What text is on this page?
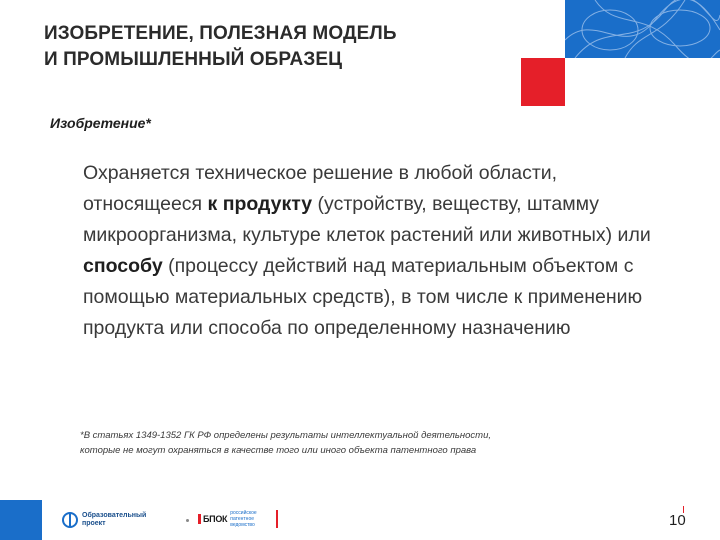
ИЗОБРЕТЕНИЕ, ПОЛЕЗНАЯ МОДЕЛЬ
И ПРОМЫШЛЕННЫЙ ОБРАЗЕЦ
Изобретение*
Охраняется техническое решение в любой области, относящееся к продукту (устройству, веществу, штамму микроорганизма, культуре клеток растений или животных) или способу (процессу действий над материальным объектом с помощью материальных средств), в том числе к применению продукта или способа по определенному назначению
*В статьях 1349-1352 ГК РФ определены результаты интеллектуальной деятельности,
которые не могут охраняться в качестве того или иного объекта патентного права
Образовательный проект	БПОК
российское патентное ведомство	10
